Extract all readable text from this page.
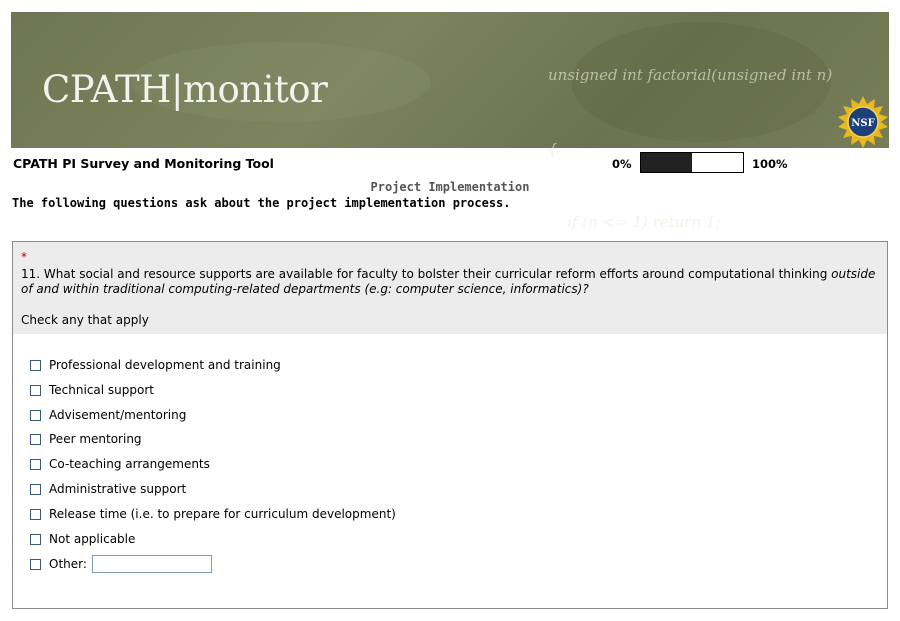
CPATH|monitor

	unsigned int factorial(unsigned int n)

{

if (n <= 1) return 1;

NSF
CPATH PI Survey and Monitoring Tool	0%	100%
Project Implementation
The following questions ask about the project implementation process.
*
11. What social and resource supports are available for faculty to bolster their curricular reform efforts around computational thinking outside of and within traditional computing-related departments (e.g: computer science, informatics)?
Check any that apply
Professional development and training
Technical support
Advisement/mentoring
Peer mentoring
Co-teaching arrangements
Administrative support
Release time (i.e. to prepare for curriculum development)
Not applicable
Other:
